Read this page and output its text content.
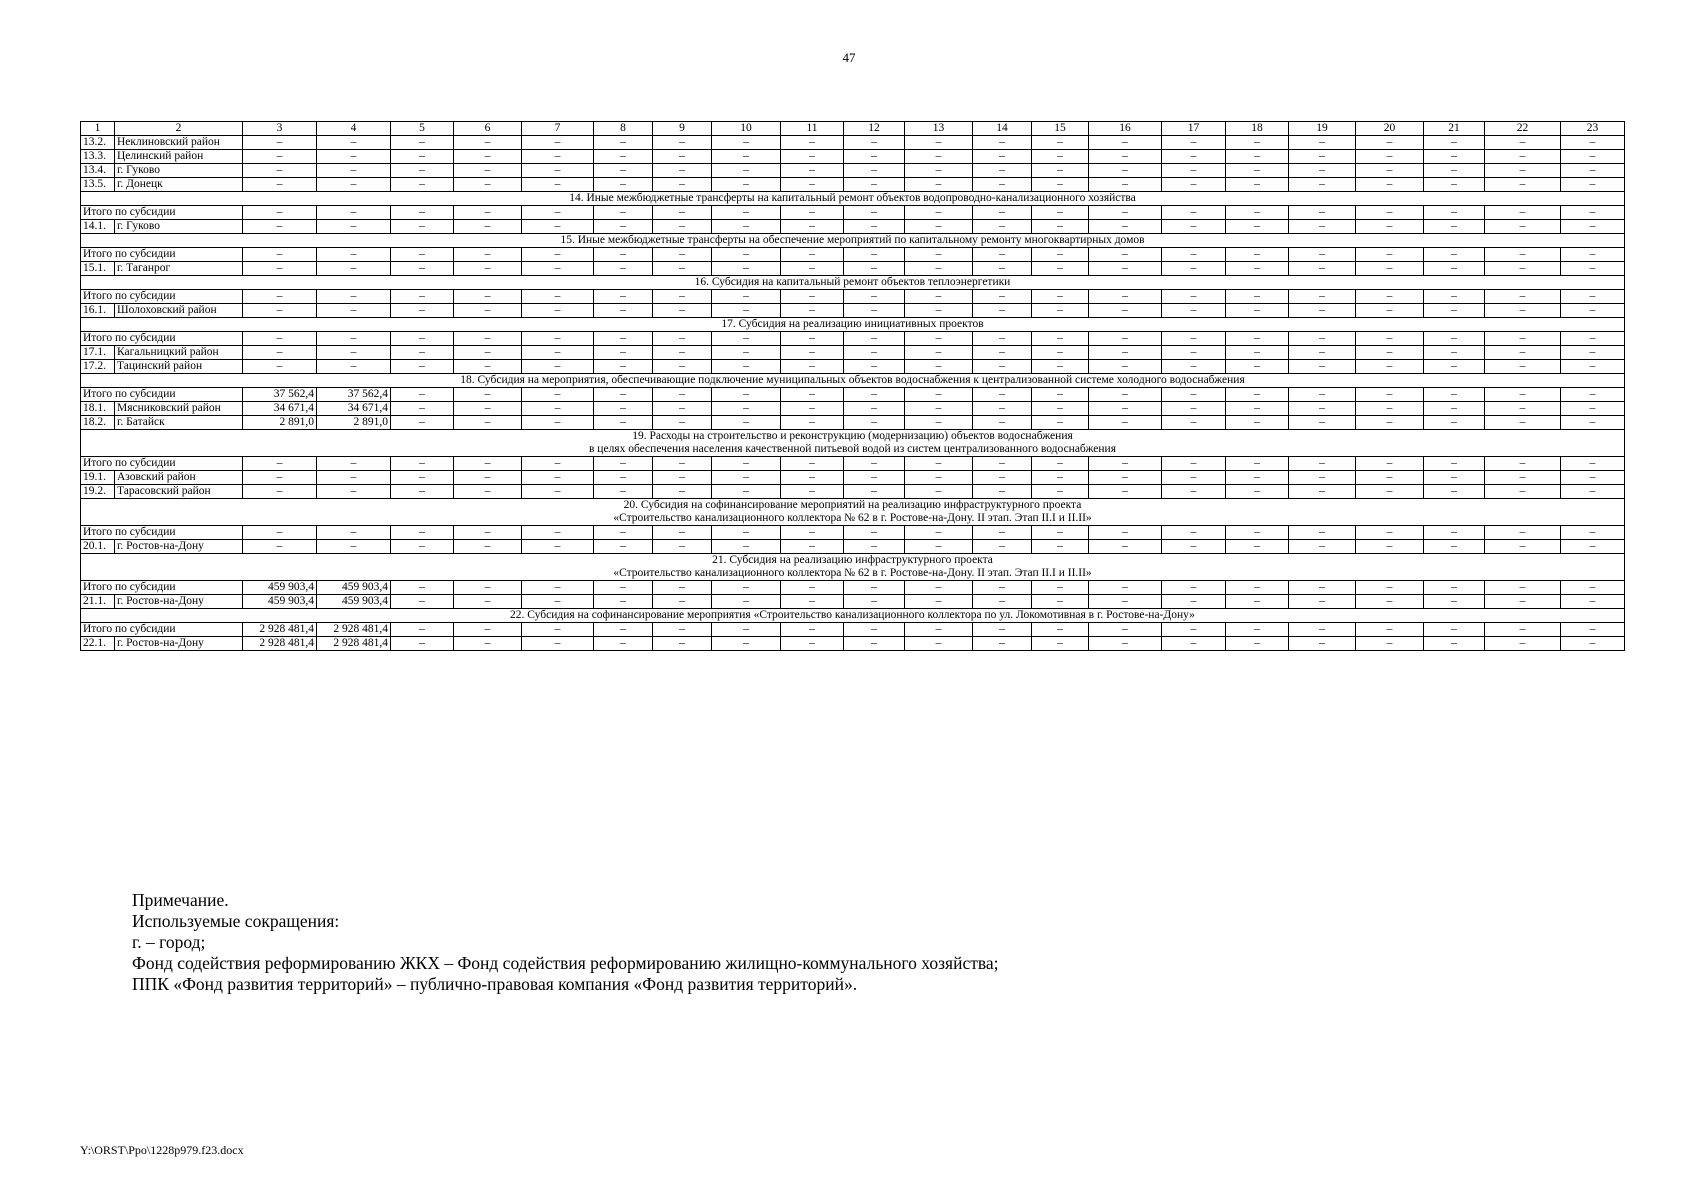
47
1	2	3	4	5	6	7	8	9	10	11	12	13	14	15	16	17	18	19	20	21	22	23
13.2.	Неклиновский район	–	–	–	–	–	–	–	–	–	–	–	–	–	–	–	–	–	–	–	–	–
13.3.	Целинский район	–	–	–	–	–	–	–	–	–	–	–	–	–	–	–	–	–	–	–	–	–
13.4.	г. Гуково	–	–	–	–	–	–	–	–	–	–	–	–	–	–	–	–	–	–	–	–	–
13.5.	г. Донецк	–	–	–	–	–	–	–	–	–	–	–	–	–	–	–	–	–	–	–	–	–

14. Иные межбюджетные трансферты на капитальный ремонт объектов водопроводно-канализационного хозяйства																						

Итого по субсидии		–	–	–	–	–	–	–	–	–	–	–	–	–	–	–	–	–	–	–	–	–
14.1.	г. Гуково	–	–	–	–	–	–	–	–	–	–	–	–	–	–	–	–	–	–	–	–	–

15. Иные межбюджетные трансферты на обеспечение мероприятий по капитальному ремонту многоквартирных домов																						

Итого по субсидии		–	–	–	–	–	–	–	–	–	–	–	–	–	–	–	–	–	–	–	–	–
15.1.	г. Таганрог	–	–	–	–	–	–	–	–	–	–	–	–	–	–	–	–	–	–	–	–	–

16. Субсидия на капитальный ремонт объектов теплоэнергетики																						

Итого по субсидии		–	–	–	–	–	–	–	–	–	–	–	–	–	–	–	–	–	–	–	–	–
16.1.	Шолоховский район	–	–	–	–	–	–	–	–	–	–	–	–	–	–	–	–	–	–	–	–	–

17. Субсидия на реализацию инициативных проектов																						

Итого по субсидии		–	–	–	–	–	–	–	–	–	–	–	–	–	–	–	–	–	–	–	–	–
17.1.	Кагальницкий район	–	–	–	–	–	–	–	–	–	–	–	–	–	–	–	–	–	–	–	–	–
17.2.	Тацинский район	–	–	–	–	–	–	–	–	–	–	–	–	–	–	–	–	–	–	–	–	–

18. Субсидия на мероприятия, обеспечивающие подключение муниципальных объектов водоснабжения к централизованной системе холодного водоснабжения																						

Итого по субсидии		37 562,4	37 562,4	–	–	–	–	–	–	–	–	–	–	–	–	–	–	–	–	–	–	–
18.1.	Мясниковский район	34 671,4	34 671,4	–	–	–	–	–	–	–	–	–	–	–	–	–	–	–	–	–	–	–
18.2.	г. Батайск	2 891,0	2 891,0	–	–	–	–	–	–	–	–	–	–	–	–	–	–	–	–	–	–	–

19. Расходы на строительство и реконструкцию (модернизацию) объектов водоснабжения
в целях обеспечения населения качественной питьевой водой из систем централизованного водоснабжения																						

Итого по субсидии		–	–	–	–	–	–	–	–	–	–	–	–	–	–	–	–	–	–	–	–	–
19.1.	Азовский район	–	–	–	–	–	–	–	–	–	–	–	–	–	–	–	–	–	–	–	–	–
19.2.	Тарасовский район	–	–	–	–	–	–	–	–	–	–	–	–	–	–	–	–	–	–	–	–	–

20. Субсидия на софинансирование мероприятий на реализацию инфраструктурного проекта
«Строительство канализационного коллектора № 62 в г. Ростове-на-Дону. II этап. Этап II.I и II.II»																						

Итого по субсидии		–	–	–	–	–	–	–	–	–	–	–	–	–	–	–	–	–	–	–	–	–
20.1.	г. Ростов-на-Дону	–	–	–	–	–	–	–	–	–	–	–	–	–	–	–	–	–	–	–	–	–

21. Субсидия на реализацию инфраструктурного проекта
«Строительство канализационного коллектора № 62 в г. Ростове-на-Дону. II этап. Этап II.I и II.II»																						

Итого по субсидии		459 903,4	459 903,4	–	–	–	–	–	–	–	–	–	–	–	–	–	–	–	–	–	–	–
21.1.	г. Ростов-на-Дону	459 903,4	459 903,4	–	–	–	–	–	–	–	–	–	–	–	–	–	–	–	–	–	–	–

22. Субсидия на софинансирование мероприятия «Строительство канализационного коллектора по ул. Локомотивная в г. Ростове-на-Дону»																						

Итого по субсидии		2 928 481,4	2 928 481,4	–	–	–	–	–	–	–	–	–	–	–	–	–	–	–	–	–	–	–
22.1.	г. Ростов-на-Дону	2 928 481,4	2 928 481,4	–	–	–	–	–	–	–	–	–	–	–	–	–	–	–	–	–	–	–
Примечание.
Используемые сокращения:
г. – город;
Фонд содействия реформированию ЖКХ – Фонд содействия реформированию жилищно-коммунального хозяйства;
ППК «Фонд развития территорий» – публично-правовая компания «Фонд развития территорий».
Y:\ORST\Ppo\1228p979.f23.docx
